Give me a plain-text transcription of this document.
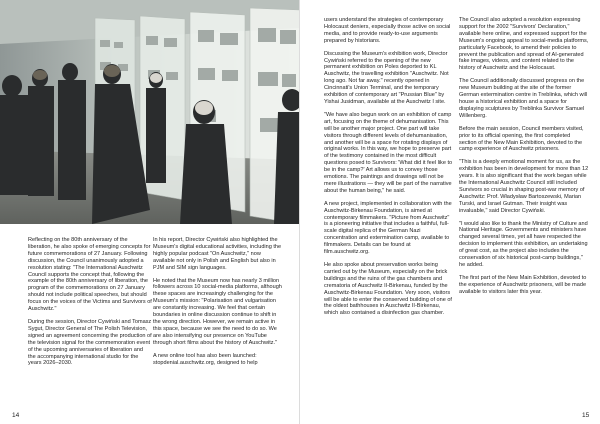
Reflecting on the 80th anniversary of the liberation, he also spoke of emerging concepts for future commemorations of 27 January. Following discussion, the Council unanimously adopted a resolution stating: "The International Auschwitz Council supports the concept that, following the example of the 80th anniversary of liberation, the program of the commemorations on 27 January should not include political speeches, but should focus on the voices of the Victims and Survivors of Auschwitz."

During the session, Director Cywiński and Tomasz Sygut, Director General of The Polish Television, signed an agreement concerning the production of the television signal for the commemoration event of the upcoming anniversaries of liberation and the accompanying international studio for the years 2026–2030.

In his report, Director Cywiński also highlighted the Museum's digital educational activities, including the highly popular podcast "On Auschwitz," now available not only in Polish and English but also in PJM and SIM sign languages.

He noted that the Museum now has nearly 3 million followers across 10 social-media platforms, although these spaces are increasingly challenging for the Museum's mission: "Polarisation and vulgarisation are constantly increasing. We feel that certain boundaries in online discussion continue to shift in the wrong direction. However, we remain active in this space, because we see the need to do so. We are also intensifying our presence on YouTube through short films about the history of Auschwitz."

A new online tool has also been launched: stopdenial.auschwitz.org, designed to help

14

users understand the strategies of contemporary Holocaust deniers, especially those active on social media, and to provide ready-to-use arguments prepared by historians.

Discussing the Museum's exhibition work, Director Cywiński referred to the opening of the new permanent exhibition on Poles deported to KL Auschwitz, the travelling exhibition "Auschwitz. Not long ago. Not far away." recently opened in Cincinnati's Union Terminal, and the temporary exhibition of contemporary art "Prussian Blue" by Yishai Jusidman, available at the Auschwitz I site.

"We have also begun work on an exhibition of camp art, focusing on the theme of dehumanisation. This will be another major project. One part will take visitors through different levels of dehumanisation, and another will be a space for rotating displays of original works. In this way, we hope to preserve part of the testimony contained in the most difficult questions posed to Survivors: 'What did it feel like to be in the camp?' Art allows us to convey those emotions. The paintings and drawings will not be mere illustrations — they will be part of the narrative about the human being," he said.

A new project, implemented in collaboration with the Auschwitz-Birkenau Foundation, is aimed at contemporary filmmakers. "Picture from Auschwitz" is a pioneering initiative that includes a faithful, full-scale digital replica of the German Nazi concentration and extermination camp, available to filmmakers. Details can be found at film.auschwitz.org.

He also spoke about preservation works being carried out by the Museum, especially on the brick buildings and the ruins of the gas chambers and crematoria of Auschwitz II-Birkenau, funded by the Auschwitz-Birkenau Foundation. Very soon, visitors will be able to enter the conserved building of one of the oldest bathhouses in Auschwitz II-Birkenau, which also contained a disinfection gas chamber.

The Council also adopted a resolution expressing support for the 2002 "Survivors' Declaration," available here online, and expressed support for the Museum's ongoing appeal to social-media platforms, particularly Facebook, to amend their policies to prevent the publication and spread of AI-generated fake images, videos, and content related to the history of Auschwitz and the Holocaust.

The Council additionally discussed progress on the new Museum building at the site of the former German extermination centre in Treblinka, which will house a historical exhibition and a space for displaying sculptures by Treblinka Survivor Samuel Willenberg.

Before the main session, Council members visited, prior to its official opening, the first completed section of the New Main Exhibition, devoted to the camp experience of Auschwitz prisoners.

"This is a deeply emotional moment for us, as the exhibition has been in development for more than 12 years. It is also significant that the work began while the International Auschwitz Council still included Survivors so crucial in shaping post-war memory of Auschwitz: Prof. Władysław Bartoszewski, Marian Turski, and Israel Gutman. Their insight was invaluable," said Director Cywiński.

"I would also like to thank the Ministry of Culture and National Heritage. Governments and ministers have changed several times, yet all have respected the decision to implement this exhibition, an undertaking of great cost, as the project also includes the conservation of six historical post-camp buildings," he added.

The first part of the New Main Exhibition, devoted to the experience of Auschwitz prisoners, will be made available to visitors later this year.

15
